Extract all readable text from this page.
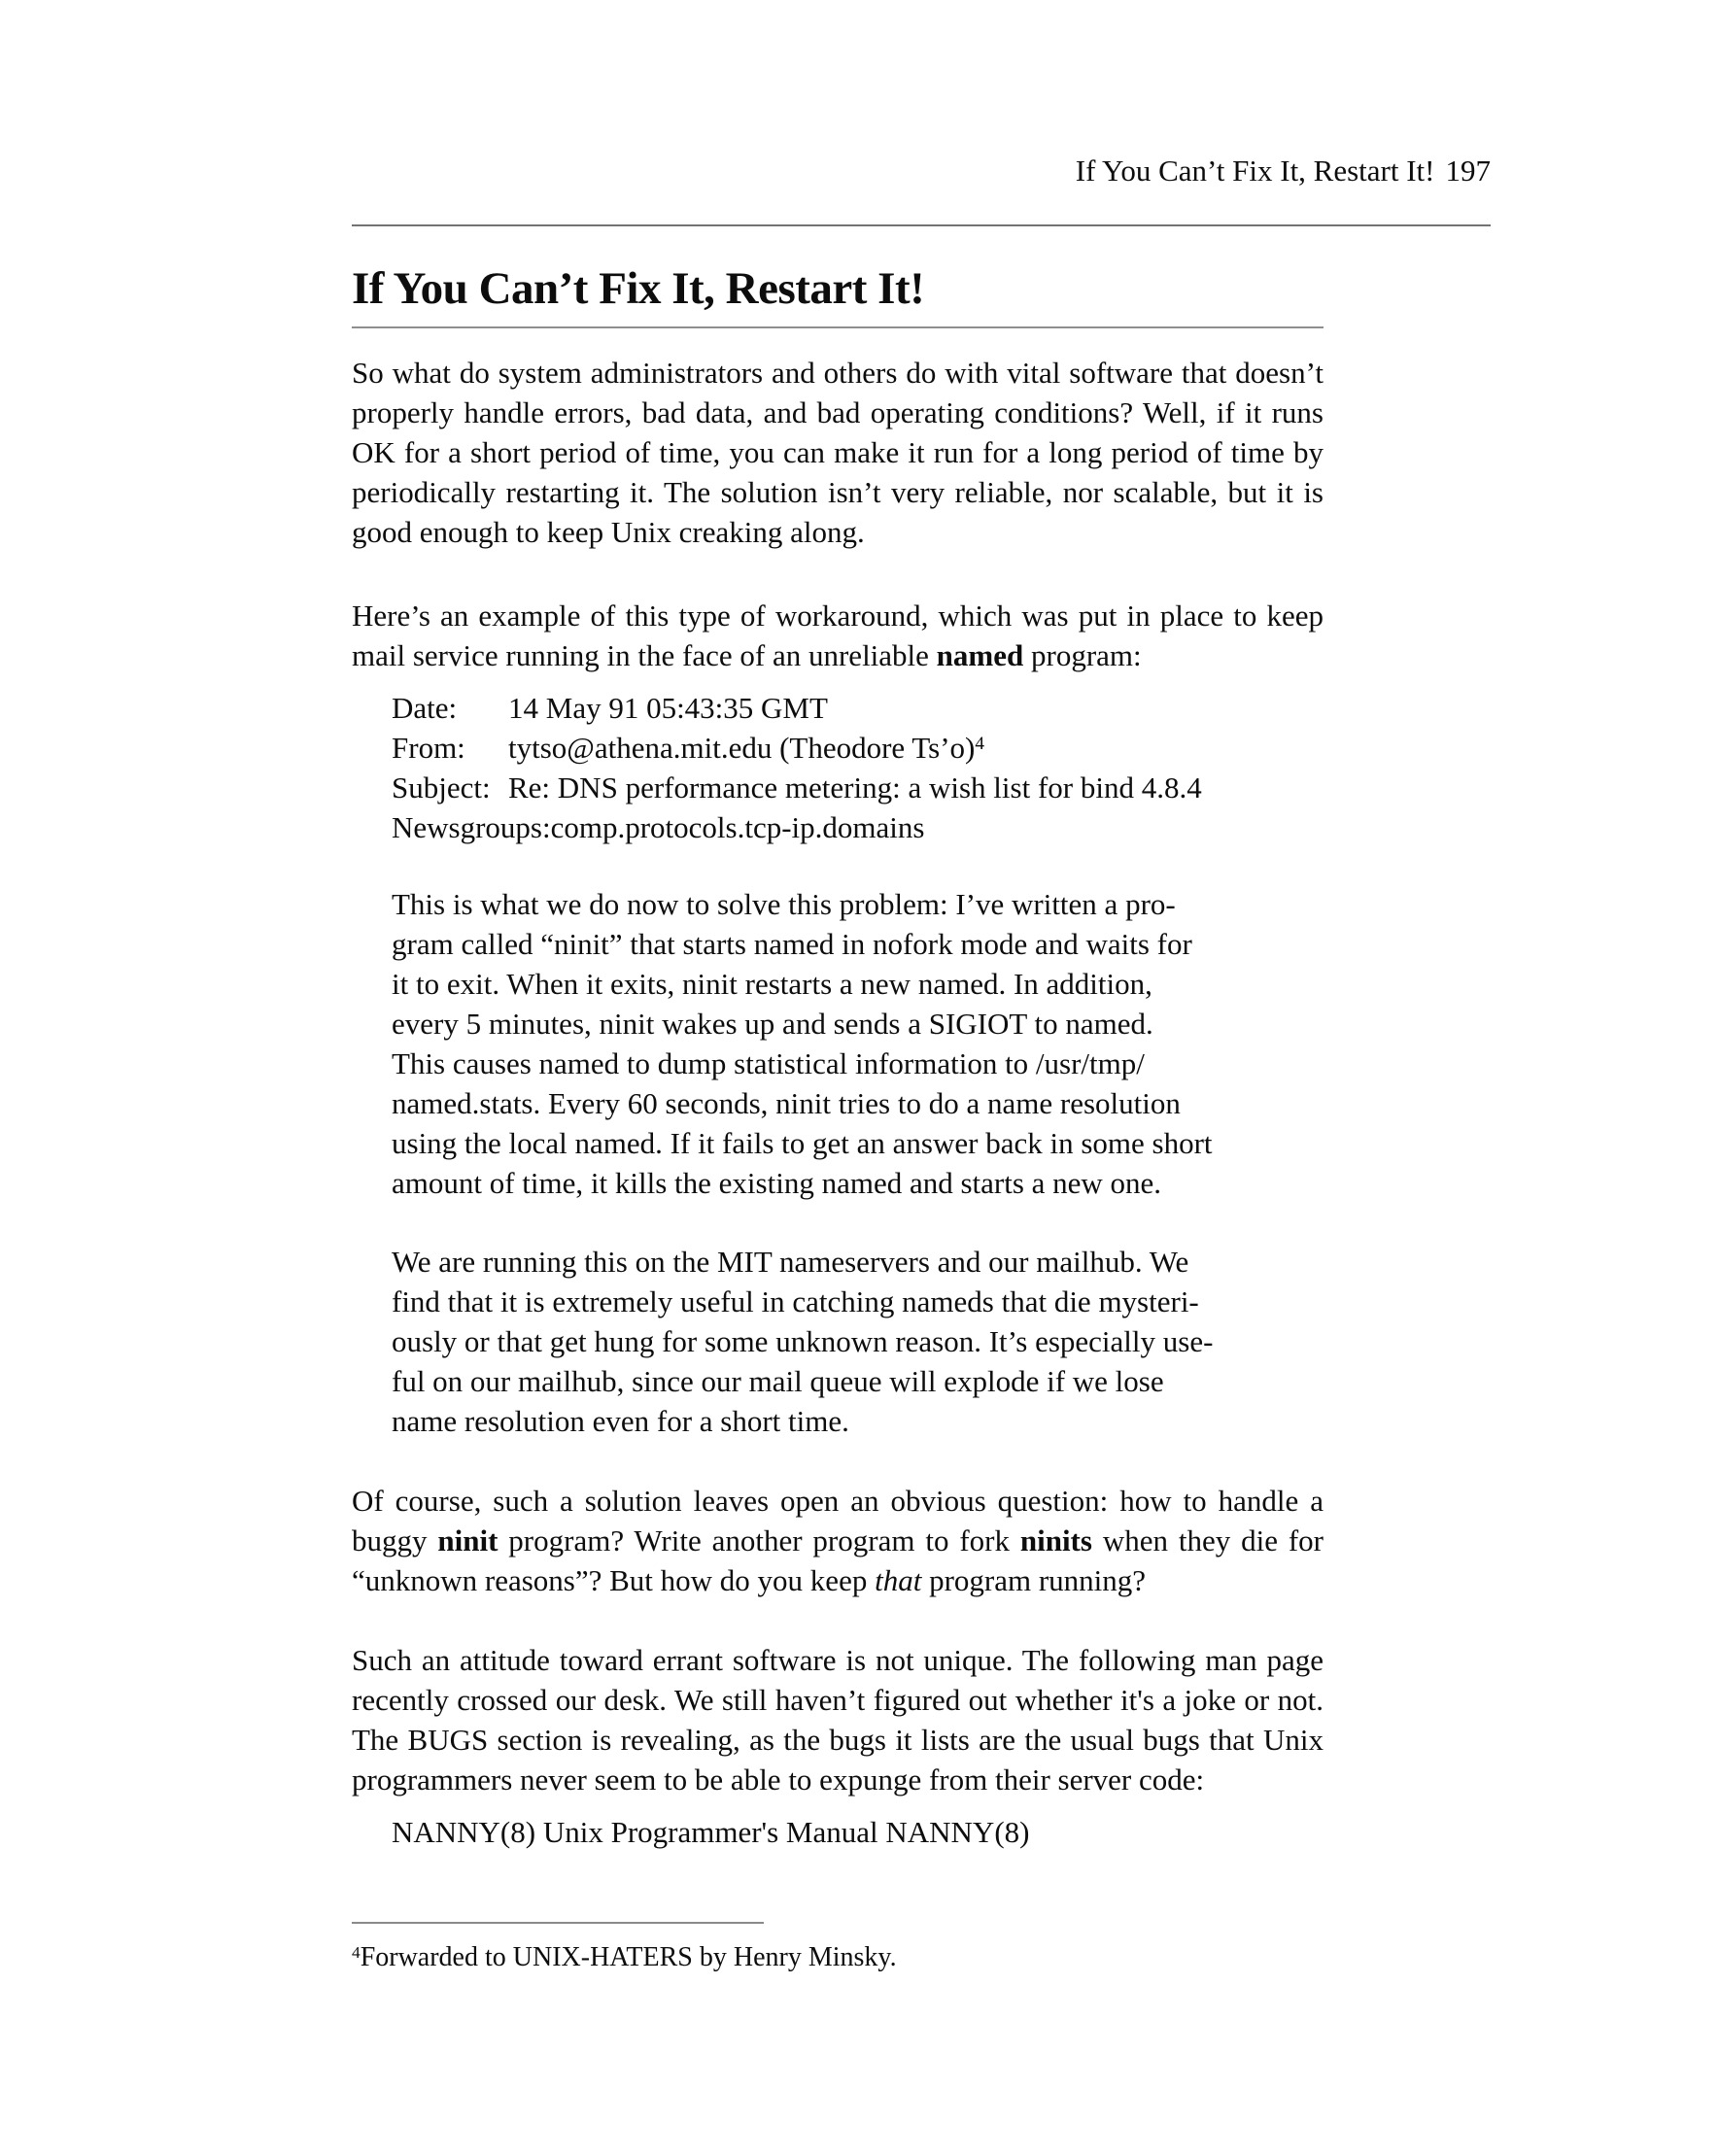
If You Can’t Fix It, Restart It! 197
If You Can’t Fix It, Restart It!

So what do system administrators and others do with vital software that doesn’t properly handle errors, bad data, and bad operating conditions? Well, if it runs OK for a short period of time, you can make it run for a long period of time by periodically restarting it. The solution isn’t very reliable, nor scalable, but it is good enough to keep Unix creaking along.

Here’s an example of this type of workaround, which was put in place to keep mail service running in the face of an unreliable named program:

Date: 14 May 91 05:43:35 GMT
From: tytso@athena.mit.edu (Theodore Ts’o)$^4$
Subject: Re: DNS performance metering: a wish list for bind 4.8.4
Newsgroups:comp.protocols.tcp-ip.domains
This is what we do now to solve this problem: I’ve written a pro-
gram called “ninit” that starts named in nofork mode and waits for
it to exit. When it exits, ninit restarts a new named. In addition,
every 5 minutes, ninit wakes up and sends a SIGIOT to named.
This causes named to dump statistical information to /usr/tmp/
named.stats. Every 60 seconds, ninit tries to do a name resolution
using the local named. If it fails to get an answer back in some short
amount of time, it kills the existing named and starts a new one.
We are running this on the MIT nameservers and our mailhub. We
find that it is extremely useful in catching nameds that die mysteri-
ously or that get hung for some unknown reason. It’s especially use-
ful on our mailhub, since our mail queue will explode if we lose
name resolution even for a short time.

Of course, such a solution leaves open an obvious question: how to handle a buggy ninit program? Write another program to fork ninits when they die for “unknown reasons”? But how do you keep that program running?

Such an attitude toward errant software is not unique. The following man page recently crossed our desk. We still haven’t figured out whether it's a joke or not. The BUGS section is revealing, as the bugs it lists are the usual bugs that Unix programmers never seem to be able to expunge from their server code:

NANNY(8) Unix Programmer's Manual NANNY(8)

$^4$Forwarded to UNIX-HATERS by Henry Minsky.
